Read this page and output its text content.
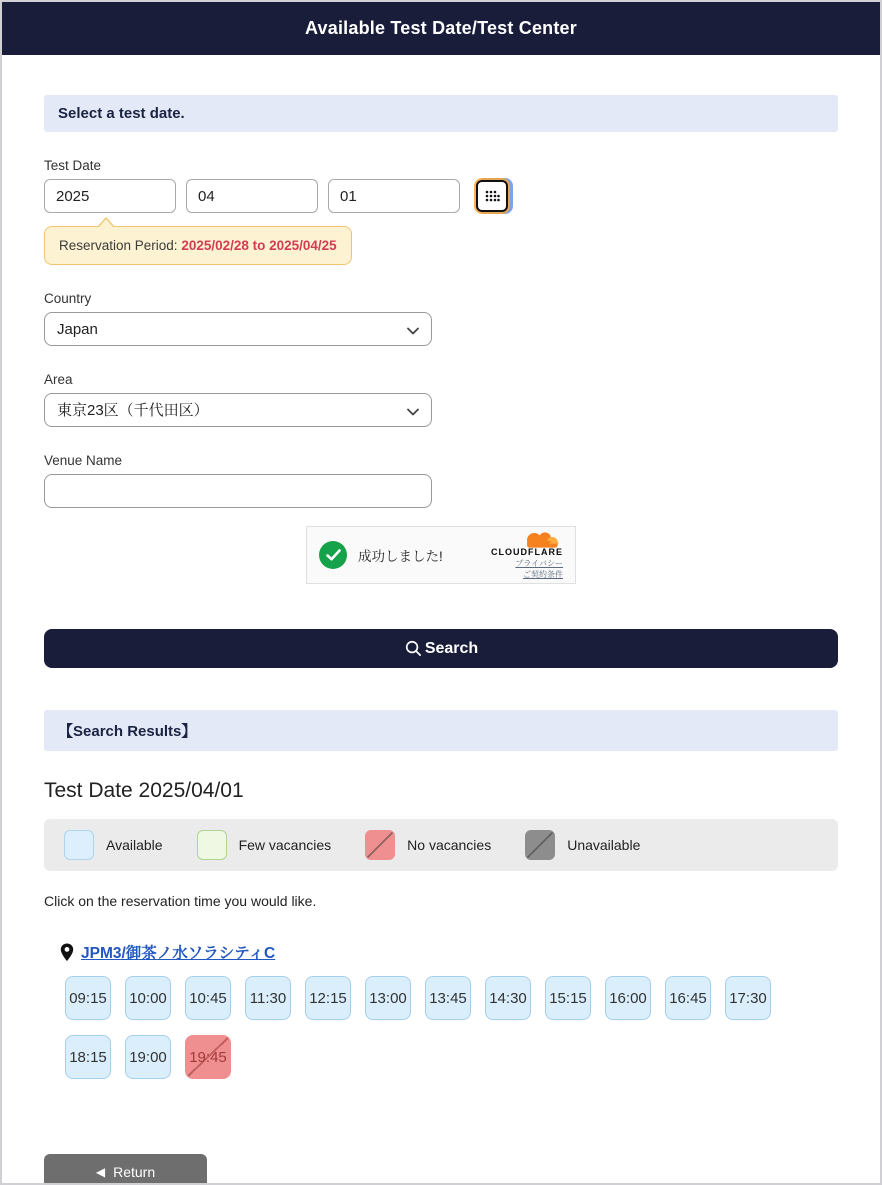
Available Test Date/Test Center
Select a test date.
Test Date
2025
04
01
Reservation Period: 2025/02/28 to 2025/04/25
Country
Japan
Area
東京23区（千代田区）
Venue Name
成功しました!	CLOUDFLARE
プライバシー
ご契約条件
Search
【Search Results】
Test Date 2025/04/01
Available	Few vacancies	No vacancies	Unavailable
Click on the reservation time you would like.
JPM3/御茶ノ水ソラシティC
09:15 10:00 10:45	11:30	12:15 13:00 13:45 14:30 15:15 16:00 16:45 17:30
18:15 19:00 19:45
◀ Return
